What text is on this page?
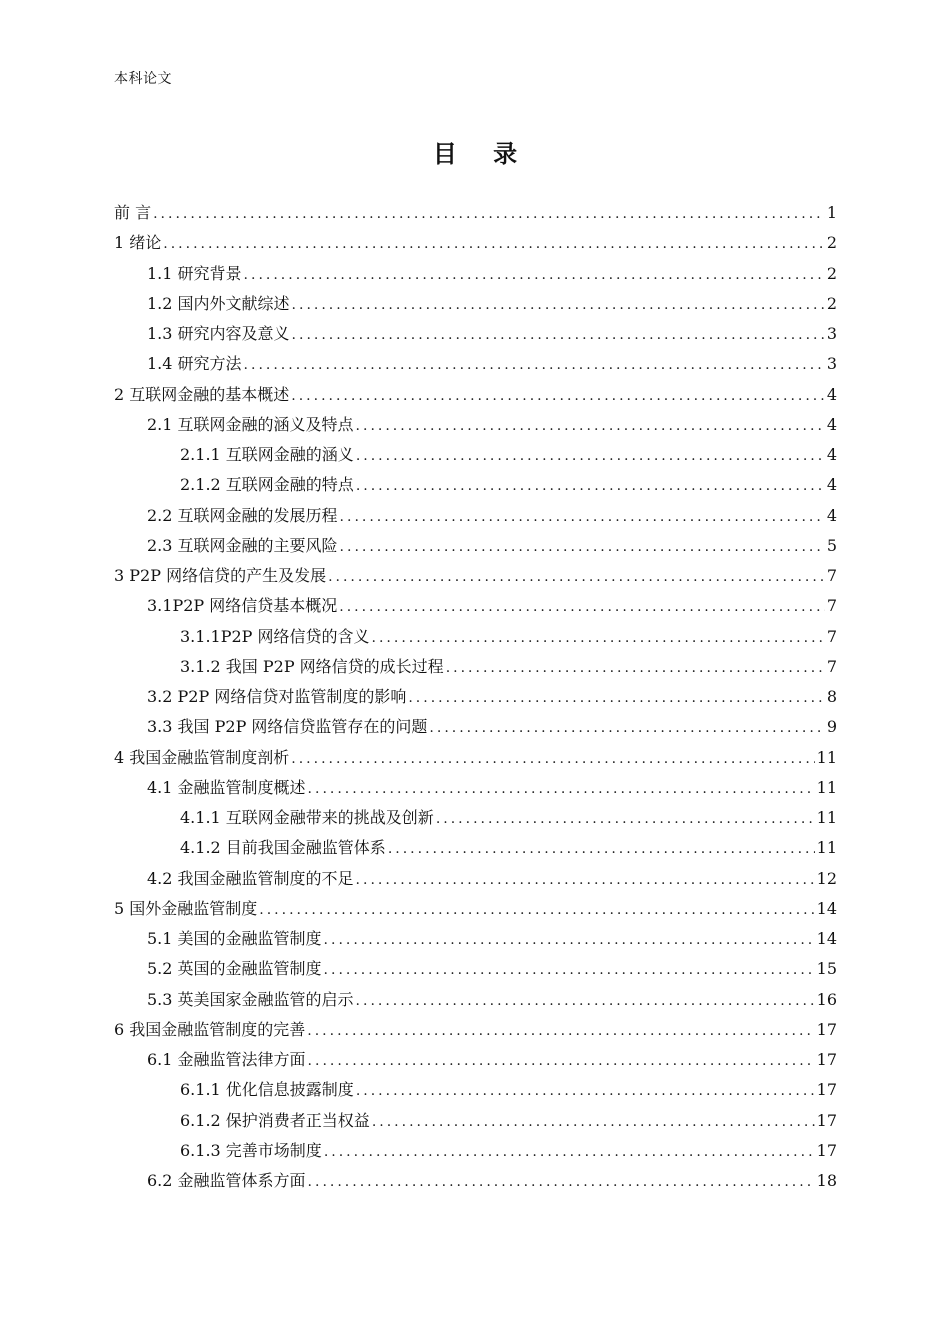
本科论文
目 录
前 言 .....	1
1 绪论 .....	2
1.1 研究背景 .....	2
1.2 国内外文献综述 .....	2
1.3 研究内容及意义 .....	3
1.4 研究方法 .....	3
2 互联网金融的基本概述 .....	4
2.1 互联网金融的涵义及特点 .....	4
2.1.1 互联网金融的涵义 .....	4
2.1.2 互联网金融的特点 .....	4
2.2 互联网金融的发展历程 .....	4
2.3 互联网金融的主要风险 .....	5
3 P2P 网络信贷的产生及发展 .....	7
3.1P2P 网络信贷基本概况 .....	7
3.1.1P2P 网络信贷的含义 .....	7
3.1.2 我国 P2P 网络信贷的成长过程 .....	7
3.2 P2P 网络信贷对监管制度的影响 .....	8
3.3 我国 P2P 网络信贷监管存在的问题 .....	9
4 我国金融监管制度剖析 .....	11
4.1 金融监管制度概述 .....	11
4.1.1 互联网金融带来的挑战及创新 .....	11
4.1.2 目前我国金融监管体系 .....	11
4.2 我国金融监管制度的不足 .....	12
5 国外金融监管制度 .....	14
5.1 美国的金融监管制度 .....	14
5.2 英国的金融监管制度 .....	15
5.3 英美国家金融监管的启示 .....	16
6 我国金融监管制度的完善 .....	17
6.1 金融监管法律方面 .....	17
6.1.1 优化信息披露制度 .....	17
6.1.2 保护消费者正当权益 .....	17
6.1.3 完善市场制度 .....	17
6.2 金融监管体系方面 .....	18
